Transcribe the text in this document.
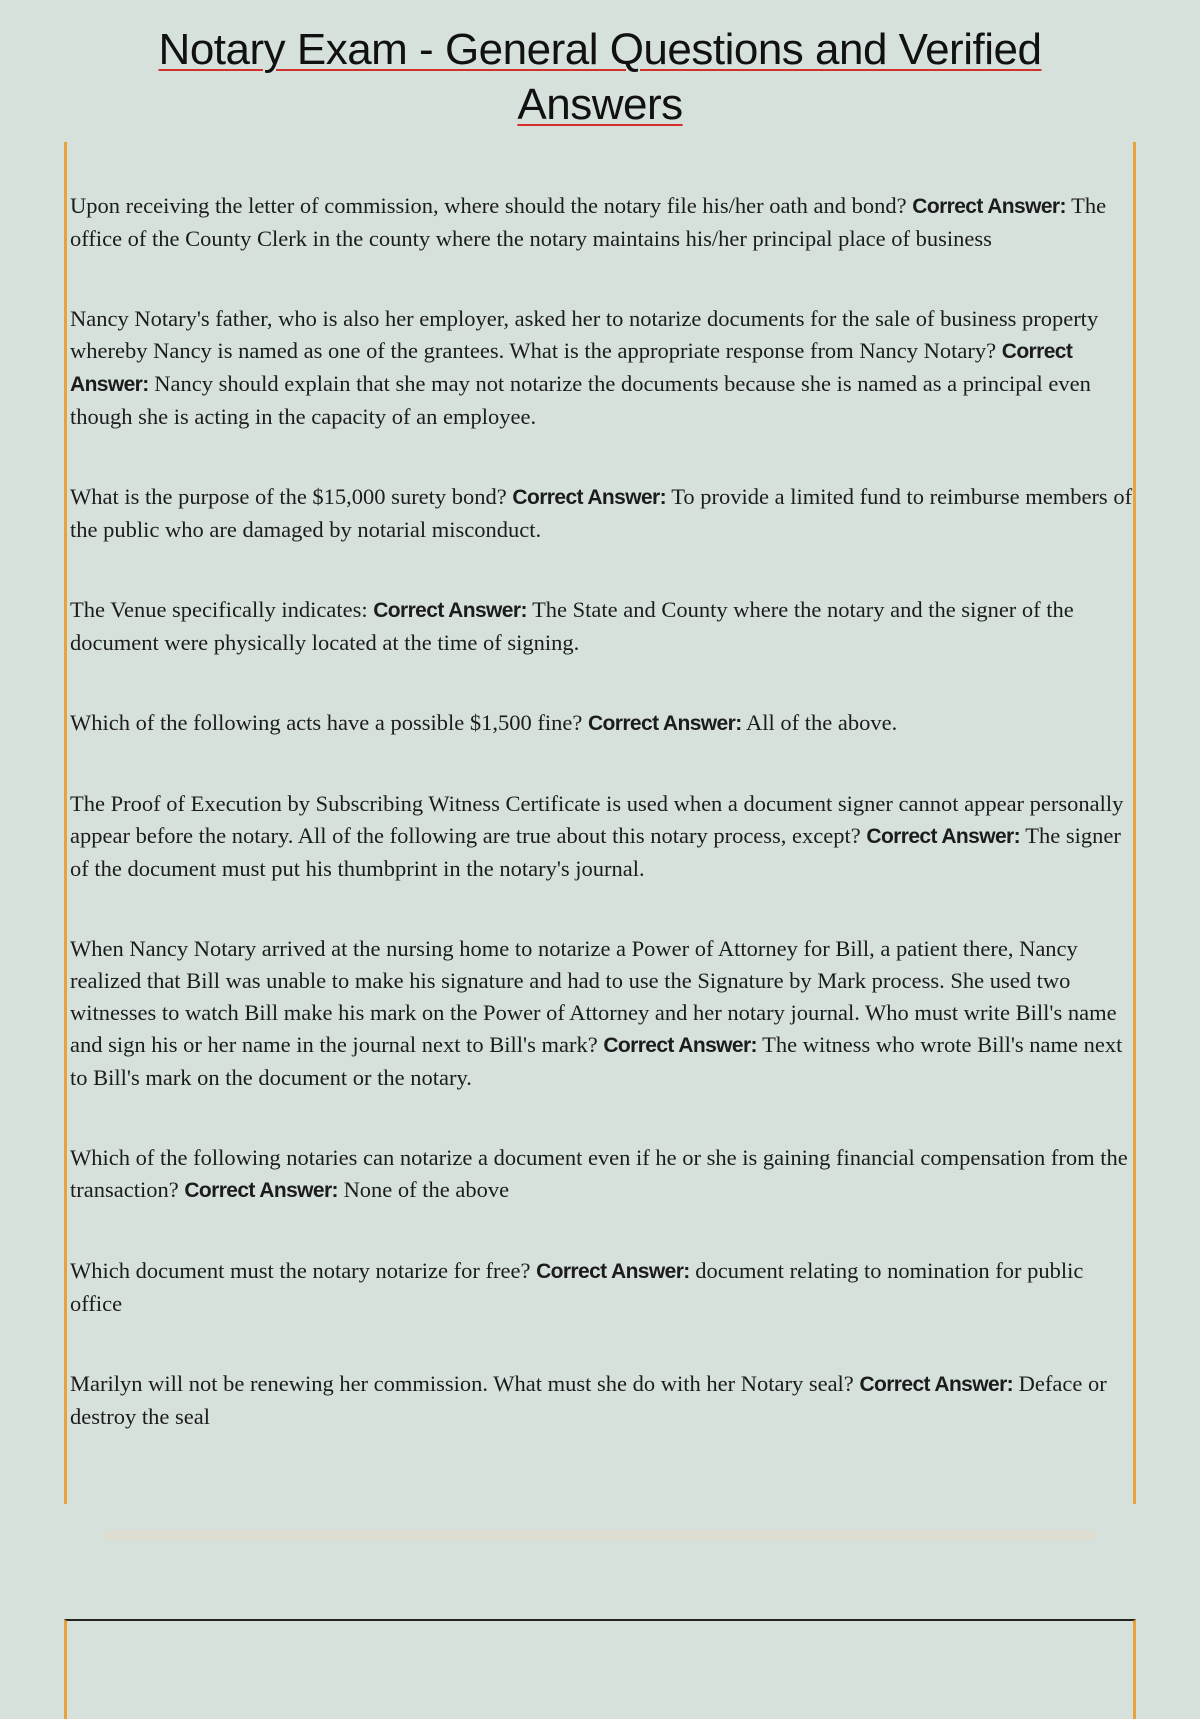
Notary Exam - General Questions and Verified
Answers

Upon receiving the letter of commission, where should the notary file his/her oath and bond? Correct Answer: The office of the County Clerk in the county where the notary maintains his/her principal place of business

Nancy Notary's father, who is also her employer, asked her to notarize documents for the sale of business property whereby Nancy is named as one of the grantees. What is the appropriate response from Nancy Notary? Correct Answer: Nancy should explain that she may not notarize the documents because she is named as a principal even though she is acting in the capacity of an employee.

What is the purpose of the $15,000 surety bond? Correct Answer: To provide a limited fund to reimburse members of the public who are damaged by notarial misconduct.

The Venue specifically indicates: Correct Answer: The State and County where the notary and the signer of the document were physically located at the time of signing.

Which of the following acts have a possible $1,500 fine? Correct Answer: All of the above.

The Proof of Execution by Subscribing Witness Certificate is used when a document signer cannot appear personally appear before the notary. All of the following are true about this notary process, except? Correct Answer: The signer of the document must put his thumbprint in the notary's journal.

When Nancy Notary arrived at the nursing home to notarize a Power of Attorney for Bill, a patient there, Nancy realized that Bill was unable to make his signature and had to use the Signature by Mark process. She used two witnesses to watch Bill make his mark on the Power of Attorney and her notary journal. Who must write Bill's name and sign his or her name in the journal next to Bill's mark? Correct Answer: The witness who wrote Bill's name next to Bill's mark on the document or the notary.

Which of the following notaries can notarize a document even if he or she is gaining financial compensation from the transaction? Correct Answer: None of the above

Which document must the notary notarize for free? Correct Answer: document relating to nomination for public office

Marilyn will not be renewing her commission. What must she do with her Notary seal? Correct Answer: Deface or destroy the seal
